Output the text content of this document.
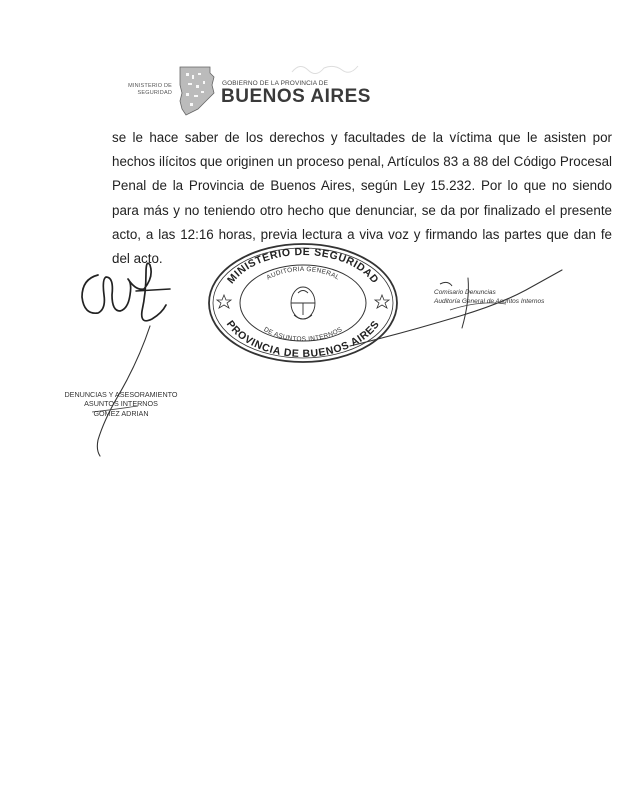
MINISTERIO DE
SEGURIDAD
GOBIERNO DE LA PROVINCIA DE
BUENOS AIRES
se le hace saber de los derechos y facultades de la víctima que le asisten por hechos ilícitos que originen un proceso penal, Artículos 83 a 88 del Código Procesal Penal de la Provincia de Buenos Aires, según Ley 15.232. Por lo que no siendo para más y no teniendo otro hecho que denunciar, se da por finalizado el presente acto, a las 12:16 horas, previa lectura a viva voz y firmando las partes que dan fe del acto.
MINISTERIO DE SEGURIDAD
PROVINCIA DE BUENOS AIRES
AUDITORIA GENERAL
DE ASUNTOS INTERNOS
Comisario Denuncias
Auditoría General de Asuntos Internos
DENUNCIAS Y ASESORAMIENTO
ASUNTOS INTERNOS
GOMEZ ADRIAN
